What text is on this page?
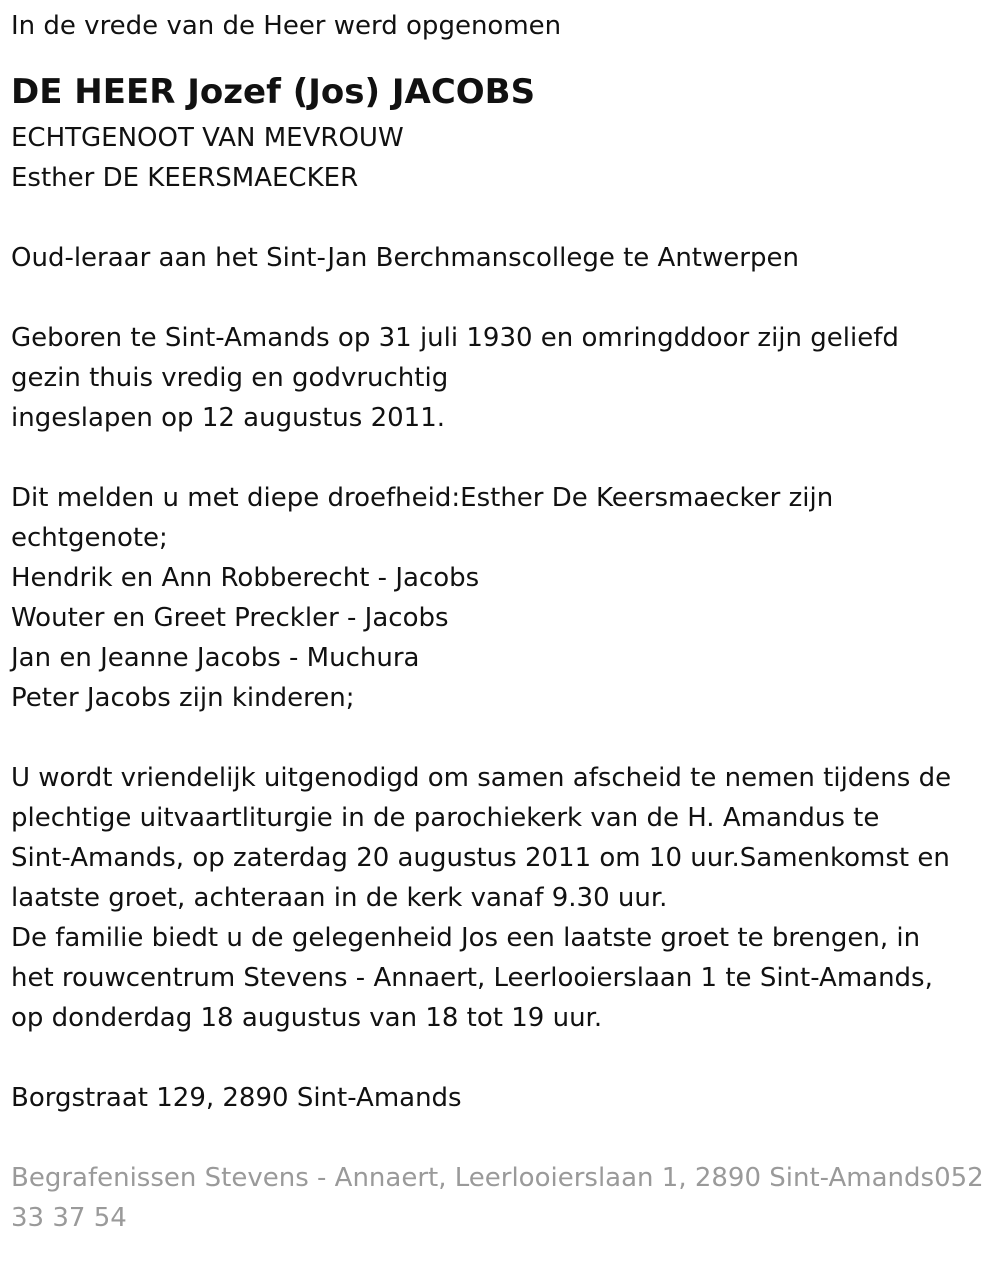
In de vrede van de Heer werd opgenomen

DE HEER Jozef (Jos) JACOBS

ECHTGENOOT VAN MEVROUW

Esther DE KEERSMAECKER

Oud-leraar aan het Sint-Jan Berchmanscollege te Antwerpen

Geboren te Sint-Amands op 31 juli 1930 en omringddoor zijn geliefd

gezin thuis vredig en godvruchtig

ingeslapen op 12 augustus 2011.

Dit melden u met diepe droefheid:Esther De Keersmaecker zijn

echtgenote;

Hendrik en Ann Robberecht - Jacobs

Wouter en Greet Preckler - Jacobs

Jan en Jeanne Jacobs - Muchura

Peter Jacobs zijn kinderen;

U wordt vriendelijk uitgenodigd om samen afscheid te nemen tijdens de

plechtige uitvaartliturgie in de parochiekerk van de H. Amandus te

Sint-Amands, op zaterdag 20 augustus 2011 om 10 uur.Samenkomst en

laatste groet, achteraan in de kerk vanaf 9.30 uur.

De familie biedt u de gelegenheid Jos een laatste groet te brengen, in

het rouwcentrum Stevens - Annaert, Leerlooierslaan 1 te Sint-Amands,

op donderdag 18 augustus van 18 tot 19 uur.

Borgstraat 129, 2890 Sint-Amands

Begrafenissen Stevens - Annaert, Leerlooierslaan 1, 2890 Sint-Amands052

33 37 54
